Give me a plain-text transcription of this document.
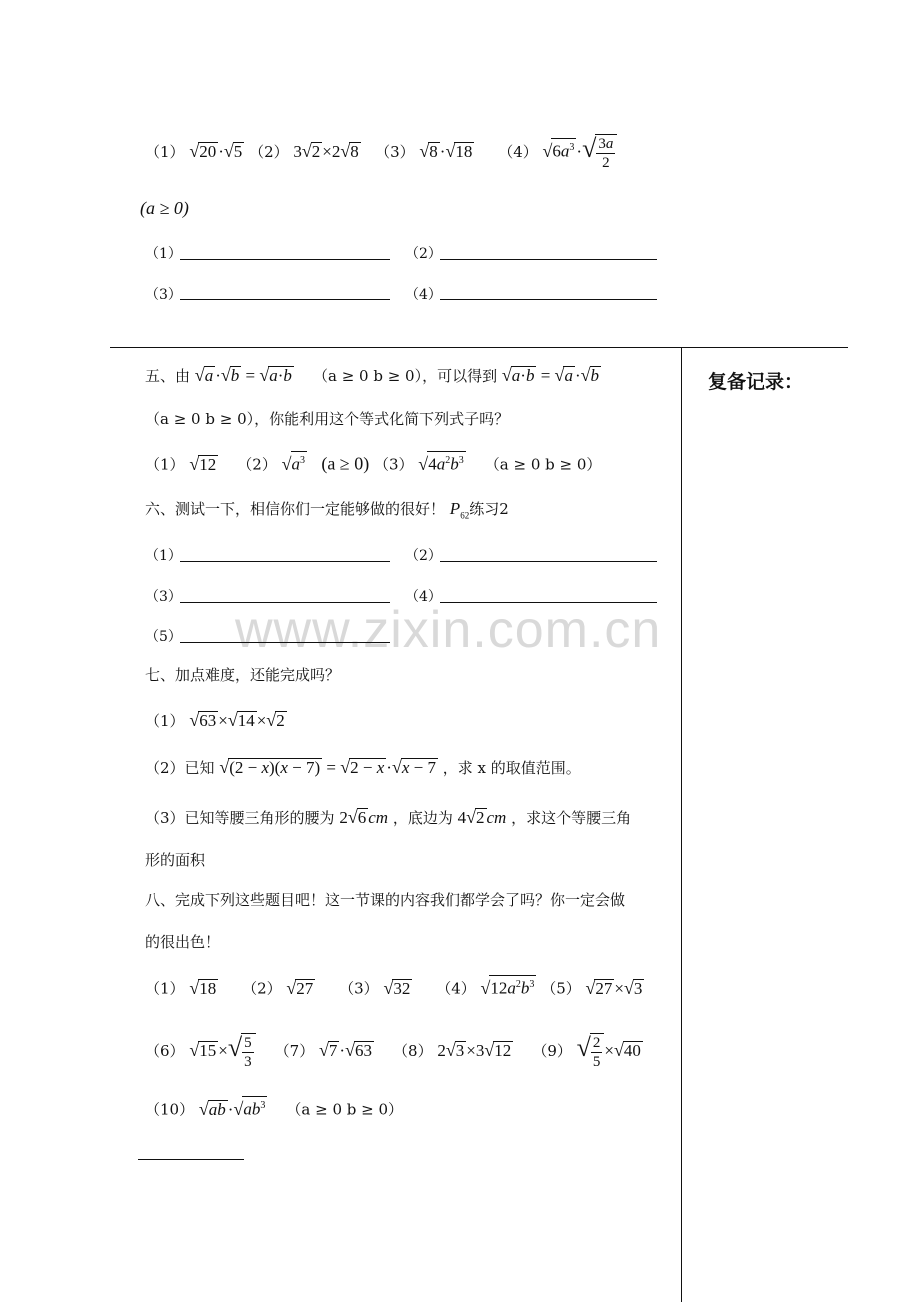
www.zixin.com.cn
（1） √20 ·√5 （2） 3√2 ×2√8 （3） √8 ·√18 （4） $√6a^3$ ·√ $\frac{3a}{2}$
(a ≥ 0)
（1）	（2）
（3）	（4）
复备记录：
五、由 √a ·√b = √a·b （a ≥ 0 b ≥ 0），可以得到 √a·b = √a ·√b
（a ≥ 0 b ≥ 0），你能利用这个等式化简下列式子吗？
（1） √12 （2） $√a^3$ (a ≥ 0) （3） $√4a^2b^3$ （a ≥ 0 b ≥ 0）
六、测试一下，相信你们一定能够做的很好！ $P_{62}$练习2
（1）	（2）
（3）	（4）
（5）
七、加点难度，还能完成吗？
（1） √63 ×√14 ×√2
（2）已知 √(2 − x)(x − 7) = √2 − x ·√x − 7 ，求 x 的取值范围。
（3）已知等腰三角形的腰为 2√6 cm ，底边为 4√2 cm ，求这个等腰三角
形的面积
八、完成下列这些题目吧！这一节课的内容我们都学会了吗？你一定会做
的很出色！
（1） √18 （2） √27 （3） √32 （4） $√12a^2b^3$ （5） √27 ×√3
（6） √15 ×√ $\frac{5}{3} (7)$ √7 ·√63 （8） 2√3 ×3√12 （9） √ $\frac{2}{5} \times√40$
（10） $√ab \cdot√ab^3$ （a ≥ 0 b ≥ 0）
